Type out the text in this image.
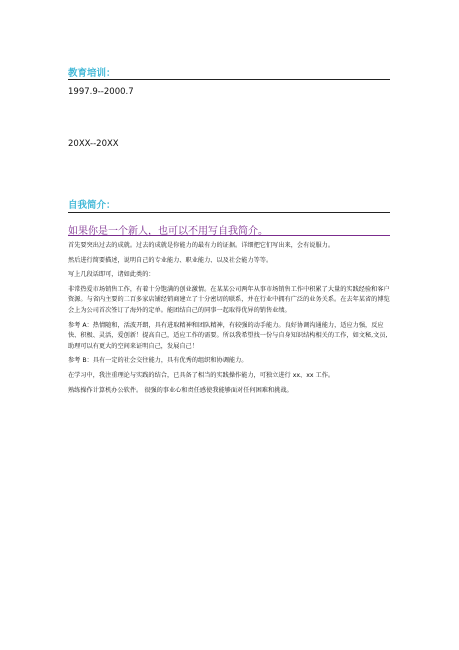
教育培训：
1997.9--2000.7
20XX--20XX
自我简介：
如果你是一个新人，也可以不用写自我简介。

首先要突出过去的成就。过去的成就是你能力的最有力的证据。详细把它们写出来，会有说服力。

然后进行简要描述，说明自己的专业能力、职业能力、以及社会能力等等。

写上几段话即可，诸如此类的：

非常热爱市场销售工作，有着十分饱满的创业激情。在某某公司两年从事市场销售工作中积累了大量的实践经验和客户资源。与省内主要的二百多家店铺经销商建立了十分密切的联系，并在行业中拥有广泛的业务关系。在去年某省的博览会上为公司首次签订了海外的定单。能团结自己的同事一起取得优异的销售业绩。

参考 A：热情随和，活波开朗，具有进取精神和团队精神，有较强的动手能力。良好协调沟通能力，适应力强，反应快、积极、灵活，爱创新！提高自己，适应工作的需要。所以我希望找一份与自身知识结构相关的工作，如文秘,文员,助理可以有更大的空间来证明自己，发展自己！

参考 B：具有一定的社会交往能力，具有优秀的组织和协调能力。

在学习中，我注重理论与实践的结合，已具备了相当的实践操作能力，可独立进行 xx、xx 工作。

熟练操作计算机办公软件。 很强的事业心和责任感使我能够面对任何困难和挑战。
